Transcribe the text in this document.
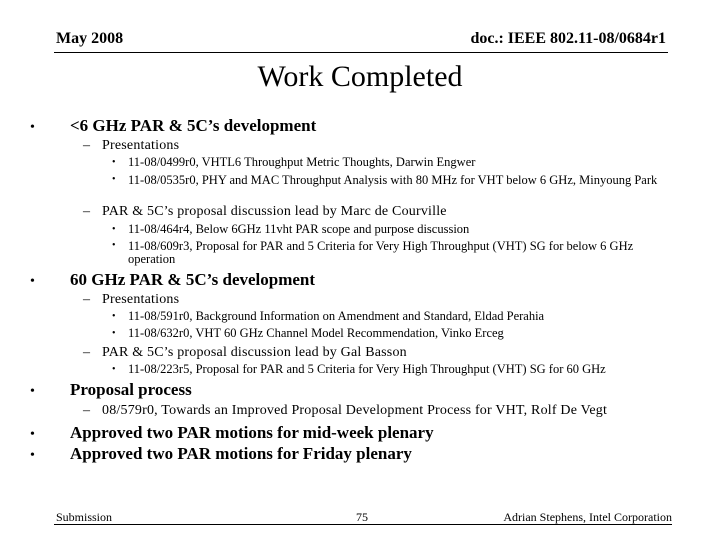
May 2008	doc.: IEEE 802.11-08/0684r1
Work Completed
• <6 GHz PAR & 5C’s development
– Presentations
• 11-08/0499r0, VHTL6 Throughput Metric Thoughts, Darwin Engwer
• 11-08/0535r0, PHY and MAC Throughput Analysis with 80 MHz for VHT below 6 GHz, Minyoung Park
– PAR & 5C’s proposal discussion lead by Marc de Courville
• 11-08/464r4, Below 6GHz 11vht PAR scope and purpose discussion
• 11-08/609r3, Proposal for PAR and 5 Criteria for Very High Throughput (VHT) SG for below 6 GHz operation
• 60 GHz PAR & 5C’s development
– Presentations
• 11-08/591r0, Background Information on Amendment and Standard, Eldad Perahia
• 11-08/632r0, VHT 60 GHz Channel Model Recommendation, Vinko Erceg
– PAR & 5C’s proposal discussion lead by Gal Basson
• 11-08/223r5, Proposal for PAR and 5 Criteria for Very High Throughput (VHT) SG for 60 GHz
• Proposal process
– 08/579r0, Towards an Improved Proposal Development Process for VHT, Rolf De Vegt
• Approved two PAR motions for mid-week plenary
• Approved two PAR motions for Friday plenary
Submission	75	Adrian Stephens, Intel Corporation
